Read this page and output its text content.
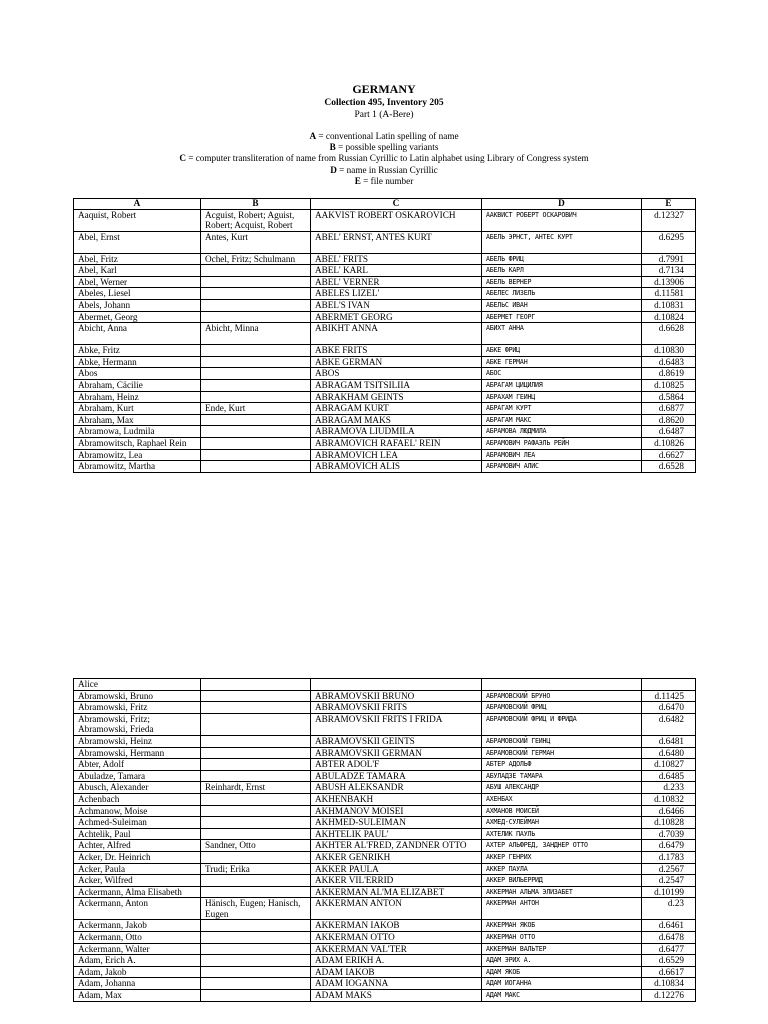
GERMANY
Collection 495, Inventory 205
Part 1 (A-Bere)
A = conventional Latin spelling of name
B = possible spelling variants
C = computer transliteration of name from Russian Cyrillic to Latin alphabet using Library of Congress system
D = name in Russian Cyrillic
E = file number
A	B	C	D	E
Aaquist, Robert	Acguist, Robert; Aguist, Robert; Acquist, Robert	AAKVIST ROBERT OSKAROVICH	ААКВИСТ РОБЕРТ ОСКАРОВИЧ	d.12327
Abel, Ernst	Antes, Kurt	ABEL' ERNST, ANTES KURT	АБЕЛЬ ЭРНСТ, АНТЕС КУРТ	d.6295
Abel, Fritz	Ochel, Fritz; Schulmann	ABEL' FRITS	АБЕЛЬ ФРИЦ	d.7991
Abel, Karl		ABEL' KARL	АБЕЛЬ КАРЛ	d.7134
Abel, Werner		ABEL' VERNER	АБЕЛЬ ВЕРНЕР	d.13906
Abeles, Liesel		ABELES LIZEL'	АБЕЛЕС ЛИЗЕЛЬ	d.11581
Abels, Johann		ABEL'S IVAN	АБЕЛЬС ИВАН	d.10831
Abermet, Georg		ABERMET GEORG	АБЕРМЕТ ГЕОРГ	d.10824
Abicht, Anna	Abicht, Minna	ABIKHT ANNA	АБИХТ АННА	d.6628
Abke, Fritz		ABKE FRITS	АБКЕ ФРИЦ	d.10830
Abke, Hermann		ABKE GERMAN	АБКЕ ГЕРМАН	d.6483
Abos		ABOS	АБОС	d.8619
Abraham, Cäcilie		ABRAGAM TSITSILIIA	АБРАГАМ ЦИЦИЛИЯ	d.10825
Abraham, Heinz		ABRAKHAM GEINTS	АБРАХАМ ГЕИНЦ	d.5864
Abraham, Kurt	Ende, Kurt	ABRAGAM KURT	АБРАГАМ КУРТ	d.6877
Abraham, Max		ABRAGAM MAKS	АБРАГАМ МАКС	d.8620
Abramowa, Ludmila		ABRAMOVA LIUDMILA	АБРАМОВА ЛЮДМИЛА	d.6487
Abramowitsch, Raphael Rein		ABRAMOVICH RAFAEL' REIN	АБРАМОВИЧ РАФАЭЛЬ РЕЙН	d.10826
Abramowitz, Lea		ABRAMOVICH LEA	АБРАМОВИЧ ЛЕА	d.6627
Abramowitz, Martha		ABRAMOVICH ALIS	АБРАМОВИЧ АЛИС	d.6528
Alice				
Abramowski, Bruno		ABRAMOVSKII BRUNO	АБРАМОВСКИЙ БРУНО	d.11425
Abramowski, Fritz		ABRAMOVSKII FRITS	АБРАМОВСКИЙ ФРИЦ	d.6470
Abramowski, Fritz; Abramowski, Frieda		ABRAMOVSKII FRITS I FRIDA	АБРАМОВСКИЙ ФРИЦ И ФРИДА	d.6482
Abramowski, Heinz		ABRAMOVSKII GEINTS	АБРАМОВСКИЙ ГЕИНЦ	d.6481
Abramowski, Hermann		ABRAMOVSKII GERMAN	АБРАМОВСКИЙ ГЕРМАН	d.6480
Abter, Adolf		ABTER ADOL'F	АБТЕР АДОЛЬФ	d.10827
Abuladze, Tamara		ABULADZE TAMARA	АБУЛАДЗЕ ТАМАРА	d.6485
Abusch, Alexander	Reinhardt, Ernst	ABUSH ALEKSANDR	АБУШ АЛЕКСАНДР	d.233
Achenbach		AKHENBAKH	АХЕНБАХ	d.10832
Achmanow, Moise		AKHMANOV MOISEI	АХМАНОВ МОИСЕЙ	d.6466
Achmed-Suleiman		AKHMED-SULEIMAN	АХМЕД-СУЛЕЙМАН	d.10828
Achtelik, Paul		AKHTELIK PAUL'	АХТЕЛИК ПАУЛЬ	d.7039
Achter, Alfred	Sandner, Otto	AKHTER AL'FRED, ZANDNER OTTO	АХТЕР АЛЬФРЕД, ЗАНДНЕР ОТТО	d.6479
Acker, Dr. Heinrich		AKKER GENRIKH	АККЕР ГЕНРИХ	d.1783
Acker, Paula	Trudi; Erika	AKKER PAULA	АККЕР ПАУЛА	d.2567
Acker, Wilfred		AKKER VIL'ERRID	АККЕР ВИЛЬЕРРИД	d.2547
Ackermann, Alma Elisabeth		AKKERMAN AL'MA ELIZABET	АККЕРМАН АЛЬМА ЭЛИЗАБЕТ	d.10199
Ackermann, Anton	Hänisch, Eugen; Hanisch, Eugen	AKKERMAN ANTON	АККЕРМАН АНТОН	d.23
Ackermann, Jakob		AKKERMAN IAKOB	АККЕРМАН ЯКОБ	d.6461
Ackermann, Otto		AKKERMAN OTTO	АККЕРМАН ОТТО	d.6478
Ackermann, Walter		AKKERMAN VAL'TER	АККЕРМАН ВАЛЬТЕР	d.6477
Adam, Erich A.		ADAM ERIKH A.	АДАМ ЭРИХ А.	d.6529
Adam, Jakob		ADAM IAKOB	АДАМ ЯКОБ	d.6617
Adam, Johanna		ADAM IOGANNA	АДАМ ИОГАННА	d.10834
Adam, Max		ADAM MAKS	АДАМ МАКС	d.12276
